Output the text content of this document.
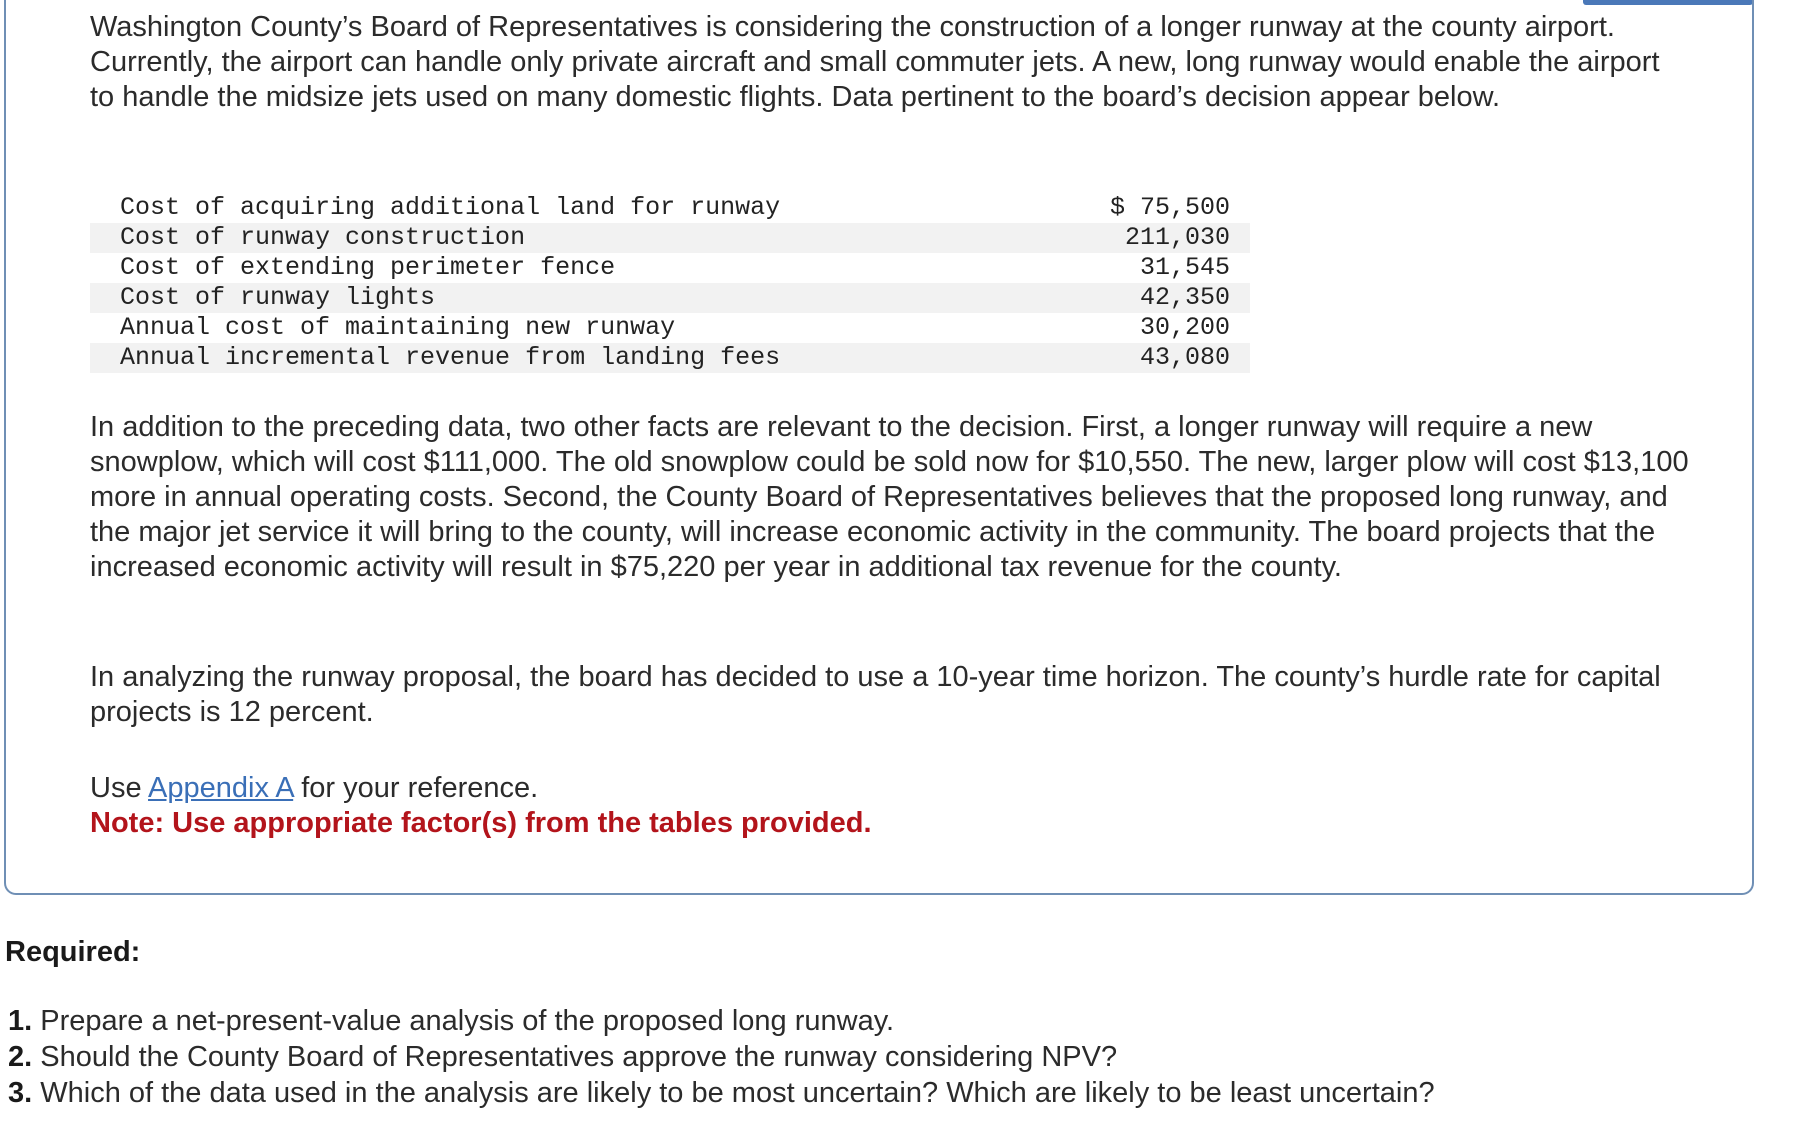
Washington County’s Board of Representatives is considering the construction of a longer runway at the county airport. Currently, the airport can handle only private aircraft and small commuter jets. A new, long runway would enable the airport to handle the midsize jets used on many domestic flights. Data pertinent to the board’s decision appear below.

Cost of acquiring additional land for runway	$ 75,500
Cost of runway construction	211,030
Cost of extending perimeter fence	31,545
Cost of runway lights	42,350
Annual cost of maintaining new runway	30,200
Annual incremental revenue from landing fees	43,080

In addition to the preceding data, two other facts are relevant to the decision. First, a longer runway will require a new snowplow, which will cost $111,000. The old snowplow could be sold now for $10,550. The new, larger plow will cost $13,100 more in annual operating costs. Second, the County Board of Representatives believes that the proposed long runway, and the major jet service it will bring to the county, will increase economic activity in the community. The board projects that the increased economic activity will result in $75,220 per year in additional tax revenue for the county.

In analyzing the runway proposal, the board has decided to use a 10-year time horizon. The county’s hurdle rate for capital projects is 12 percent.

Use Appendix A for your reference.
Note: Use appropriate factor(s) from the tables provided.
Required:
1. Prepare a net-present-value analysis of the proposed long runway.
2. Should the County Board of Representatives approve the runway considering NPV?
3. Which of the data used in the analysis are likely to be most uncertain? Which are likely to be least uncertain?
